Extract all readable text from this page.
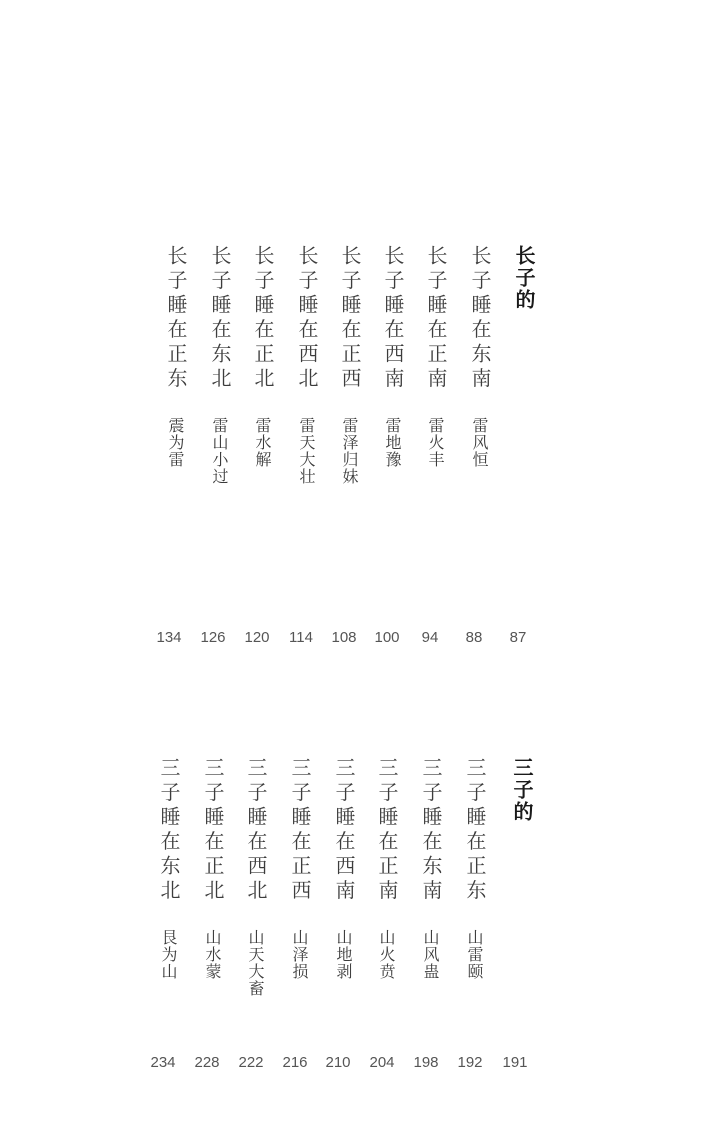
长子的
87
长子睡在东南
雷风恒
88
长子睡在正南
雷火丰
94
长子睡在西南
雷地豫
100
长子睡在正西
雷泽归妹
108
长子睡在西北
雷天大壮
114
长子睡在正北
雷水解
120
长子睡在东北
雷山小过
126
长子睡在正东
震为雷
134
三子的
191
三子睡在正东
山雷颐
192
三子睡在东南
山风蛊
198
三子睡在正南
山火贲
204
三子睡在西南
山地剥
210
三子睡在正西
山泽损
216
三子睡在西北
山天大畜
222
三子睡在正北
山水蒙
228
三子睡在东北
艮为山
234
